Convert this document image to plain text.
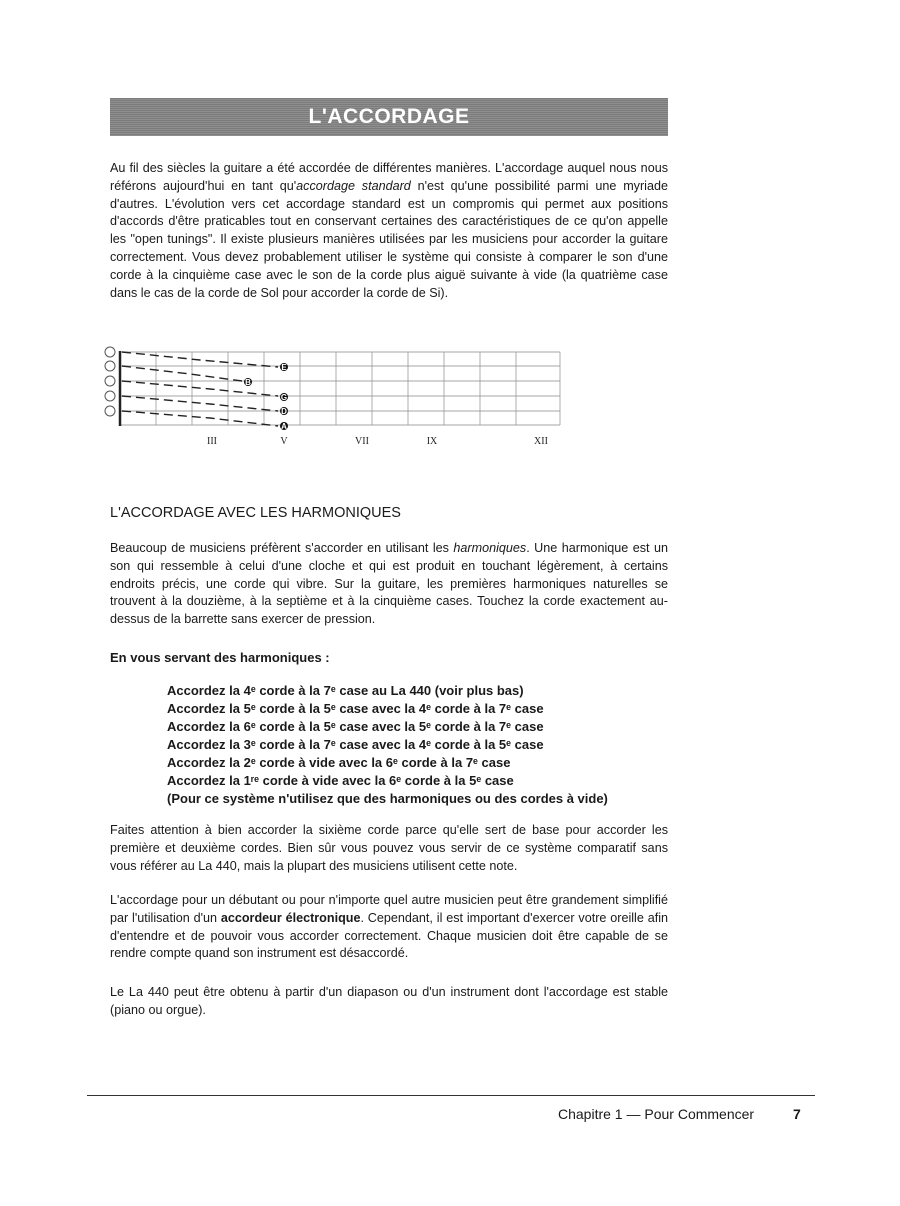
L'ACCORDAGE

Au fil des siècles la guitare a été accordée de différentes manières. L'accordage auquel nous nous référons aujourd'hui en tant qu'accordage standard n'est qu'une possibilité parmi une myriade d'autres. L'évolution vers cet accordage standard est un compromis qui permet aux positions d'accords d'être praticables tout en conservant certaines des caractéristiques de ce qu'on appelle les "open tunings". Il existe plusieurs manières utilisées par les musiciens pour accorder la guitare correctement. Vous devez probablement utiliser le système qui consiste à comparer le son d'une corde à la cinquième case avec le son de la corde plus aiguë suivante à vide (la quatrième case dans le cas de la corde de Sol pour accorder la corde de Si).

E
B
G
D
A
III	V	VII	IX	XII
L'ACCORDAGE AVEC LES HARMONIQUES

Beaucoup de musiciens préfèrent s'accorder en utilisant les harmoniques. Une harmonique est un son qui ressemble à celui d'une cloche et qui est produit en touchant légèrement, à certains endroits précis, une corde qui vibre. Sur la guitare, les premières harmoniques naturelles se trouvent à la douzième, à la septième et à la cinquième cases. Touchez la corde exactement au-dessus de la barrette sans exercer de pression.

En vous servant des harmoniques :

Accordez la 4ᵉ corde à la 7ᵉ case au La 440 (voir plus bas)
Accordez la 5ᵉ corde à la 5ᵉ case avec la 4ᵉ corde à la 7ᵉ case
Accordez la 6ᵉ corde à la 5ᵉ case avec la 5ᵉ corde à la 7ᵉ case
Accordez la 3ᵉ corde à la 7ᵉ case avec la 4ᵉ corde à la 5ᵉ case
Accordez la 2ᵉ corde à vide avec la 6ᵉ corde à la 7ᵉ case
Accordez la 1ʳᵉ corde à vide avec la 6ᵉ corde à la 5ᵉ case
(Pour ce système n'utilisez que des harmoniques ou des cordes à vide)

Faites attention à bien accorder la sixième corde parce qu'elle sert de base pour accorder les première et deuxième cordes. Bien sûr vous pouvez vous servir de ce système comparatif sans vous référer au La 440, mais la plupart des musiciens utilisent cette note.

L'accordage pour un débutant ou pour n'importe quel autre musicien peut être grandement simplifié par l'utilisation d'un accordeur électronique. Cependant, il est important d'exercer votre oreille afin d'entendre et de pouvoir vous accorder correctement. Chaque musicien doit être capable de se rendre compte quand son instrument est désaccordé.

Le La 440 peut être obtenu à partir d'un diapason ou d'un instrument dont l'accordage est stable (piano ou orgue).

Chapitre 1 — Pour Commencer	7
